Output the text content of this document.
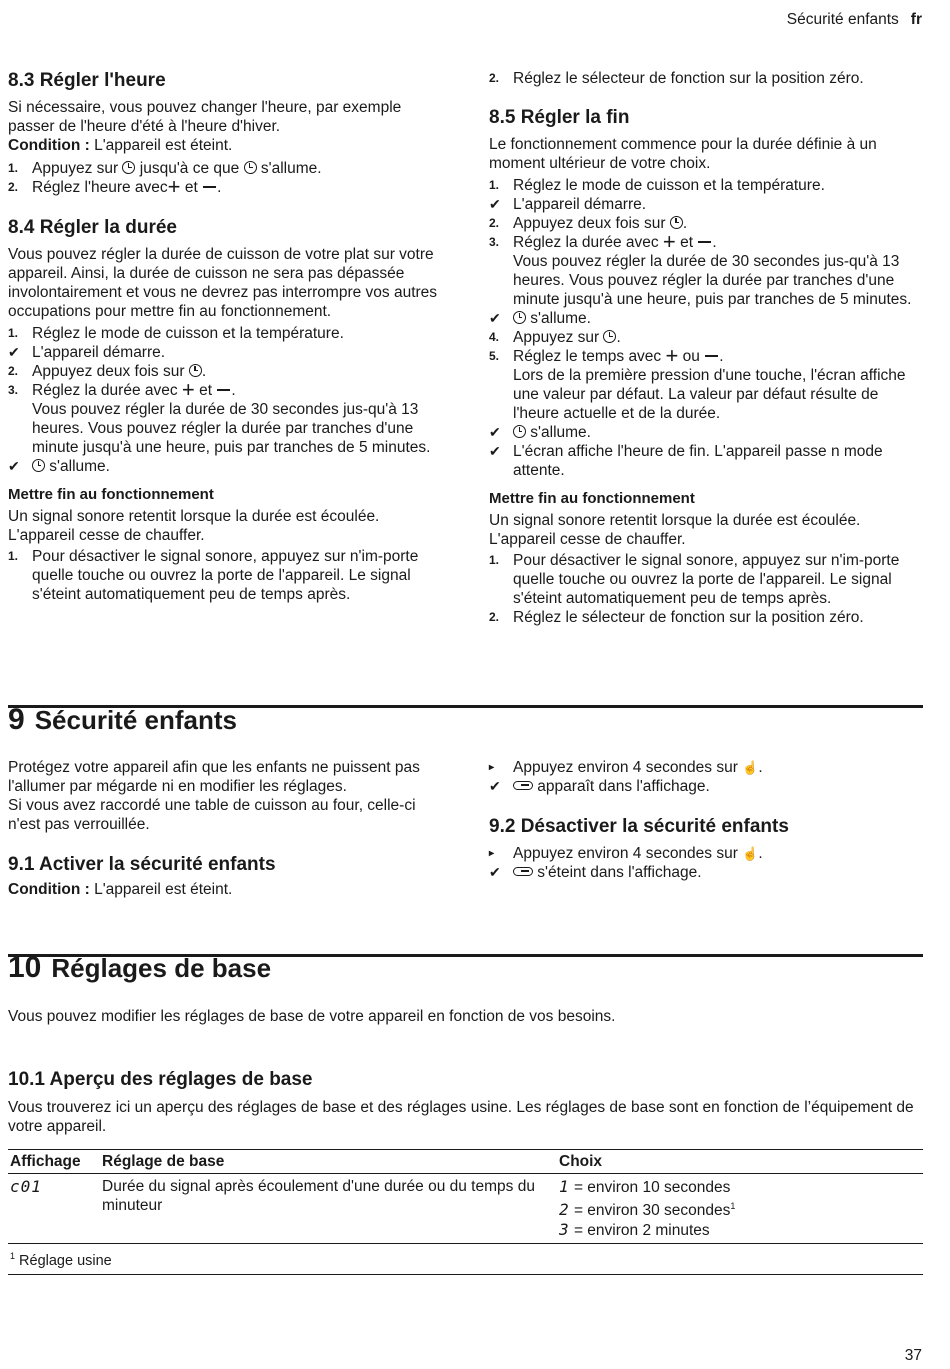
Sécurité enfants fr
8.3 Régler l'heure

Si nécessaire, vous pouvez changer l'heure, par exemple passer de l'heure d'été à l'heure d'hiver.

Condition : L'appareil est éteint.

1. Appuyez sur  jusqu'à ce que  s'allume.
2. Réglez l'heure avec+ et .
8.4 Régler la durée

Vous pouvez régler la durée de cuisson de votre plat sur votre appareil. Ainsi, la durée de cuisson ne sera pas dépassée involontairement et vous ne devrez pas interrompre vos autres occupations pour mettre fin au fonctionnement.

1. Réglez le mode de cuisson et la température.
✔ L'appareil démarre.
2. Appuyez deux fois sur .
3. Réglez la durée avec + et .
Vous pouvez régler la durée de 30 secondes jus-qu'à 13 heures. Vous pouvez régler la durée par tranches d'une minute jusqu'à une heure, puis par tranches de 5 minutes.
✔	s'allume.

Mettre fin au fonctionnement

Un signal sonore retentit lorsque la durée est écoulée. L'appareil cesse de chauffer.

1. Pour désactiver le signal sonore, appuyez sur n'im-porte quelle touche ou ouvrez la porte de l'appareil. Le signal s'éteint automatiquement peu de temps après.
2. Réglez le sélecteur de fonction sur la position zéro.
8.5 Régler la fin

Le fonctionnement commence pour la durée définie à un moment ultérieur de votre choix.

1. Réglez le mode de cuisson et la température.
✔ L'appareil démarre.
2. Appuyez deux fois sur .
3. Réglez la durée avec + et .
Vous pouvez régler la durée de 30 secondes jus-qu'à 13 heures. Vous pouvez régler la durée par tranches d'une minute jusqu'à une heure, puis par tranches de 5 minutes.
✔	s'allume.
4. Appuyez sur .
5. Réglez le temps avec + ou .
Lors de la première pression d'une touche, l'écran affiche une valeur par défaut. La valeur par défaut résulte de l'heure actuelle et de la durée.
✔	s'allume.
✔ L'écran affiche l'heure de fin. L'appareil passe n mode attente.

Mettre fin au fonctionnement

Un signal sonore retentit lorsque la durée est écoulée. L'appareil cesse de chauffer.

1. Pour désactiver le signal sonore, appuyez sur n'im-porte quelle touche ou ouvrez la porte de l'appareil. Le signal s'éteint automatiquement peu de temps après.
2. Réglez le sélecteur de fonction sur la position zéro.
9 Sécurité enfants

Protégez votre appareil afin que les enfants ne puissent pas l'allumer par mégarde ni en modifier les réglages.

Si vous avez raccordé une table de cuisson au four, celle-ci n'est pas verrouillée.

9.1 Activer la sécurité enfants

Condition : L'appareil est éteint.

▸	Appuyez environ 4 secondes sur ☝.
✔	apparaît dans l'affichage.
9.2 Désactiver la sécurité enfants
▸	Appuyez environ 4 secondes sur ☝.
✔	s'éteint dans l'affichage.
10 Réglages de base

Vous pouvez modifier les réglages de base de votre appareil en fonction de vos besoins.

10.1 Aperçu des réglages de base

Vous trouverez ici un aperçu des réglages de base et des réglages usine. Les réglages de base sont en fonction de l’équipement de votre appareil.

Affichage	Réglage de base	Choix
c01	Durée du signal après écoulement d'une durée ou du temps du minuteur	1 = environ 10 secondes
2 = environ 30 secondes$^1$
3 = environ 2 minutes

$^1$ Réglage usine		
37
